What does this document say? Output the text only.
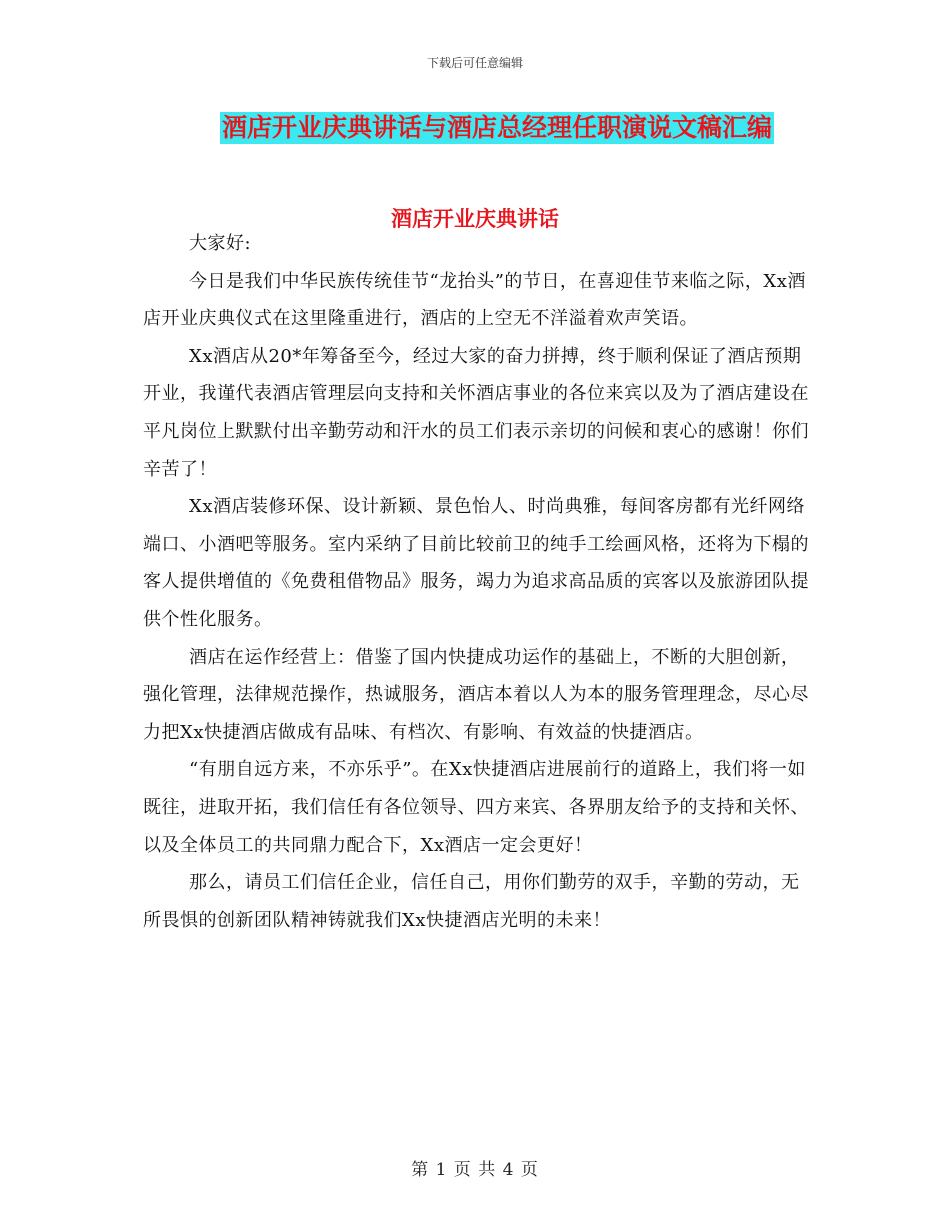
下载后可任意编辑
酒店开业庆典讲话与酒店总经理任职演说文稿汇编
酒店开业庆典讲话

大家好:

今日是我们中华民族传统佳节“龙抬头”的节日，在喜迎佳节来临之际，Xx酒店开业庆典仪式在这里隆重进行，酒店的上空无不洋溢着欢声笑语。

Xx酒店从20*年筹备至今，经过大家的奋力拼搏，终于顺利保证了酒店预期开业，我谨代表酒店管理层向支持和关怀酒店事业的各位来宾以及为了酒店建设在平凡岗位上默默付出辛勤劳动和汗水的员工们表示亲切的问候和衷心的感谢！你们辛苦了！

Xx酒店装修环保、设计新颖、景色怡人、时尚典雅，每间客房都有光纤网络端口、小酒吧等服务。室内采纳了目前比较前卫的纯手工绘画风格，还将为下榻的客人提供增值的《免费租借物品》服务，竭力为追求高品质的宾客以及旅游团队提供个性化服务。

酒店在运作经营上：借鉴了国内快捷成功运作的基础上，不断的大胆创新，强化管理，法律规范操作，热诚服务，酒店本着以人为本的服务管理理念，尽心尽力把Xx快捷酒店做成有品味、有档次、有影响、有效益的快捷酒店。

“有朋自远方来，不亦乐乎”。在Xx快捷酒店进展前行的道路上，我们将一如既往，进取开拓，我们信任有各位领导、四方来宾、各界朋友给予的支持和关怀、以及全体员工的共同鼎力配合下，Xx酒店一定会更好！

那么，请员工们信任企业，信任自己，用你们勤劳的双手，辛勤的劳动，无所畏惧的创新团队精神铸就我们Xx快捷酒店光明的未来！

第 1 页 共 4 页
